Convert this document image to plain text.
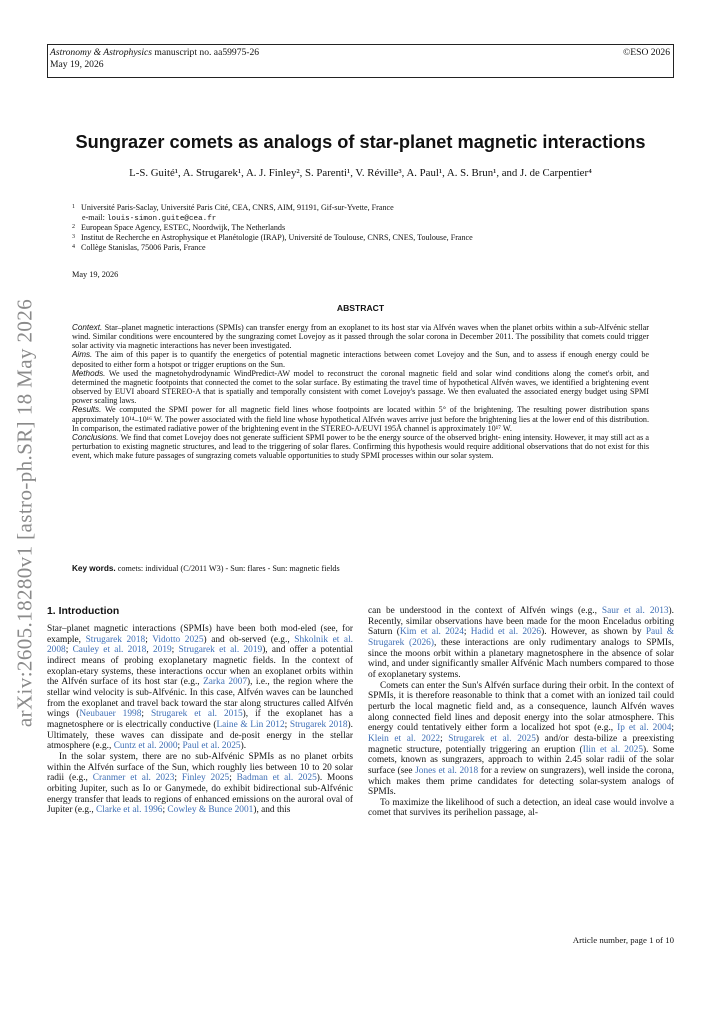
Astronomy & Astrophysics manuscript no. aa59975-26
May 19, 2026
©ESO 2026
arXiv:2605.18280v1 [astro-ph.SR] 18 May 2026
Sungrazer comets as analogs of star-planet magnetic interactions
L-S. Guité¹, A. Strugarek¹, A. J. Finley², S. Parenti¹, V. Réville³, A. Paul¹, A. S. Brun¹, and J. de Carpentier⁴
$^1$ Université Paris-Saclay, Université Paris Cité, CEA, CNRS, AIM, 91191, Gif-sur-Yvette, France
e-mail: louis-simon.guite@cea.fr
$^2$ European Space Agency, ESTEC, Noordwijk, The Netherlands
$^3$ Institut de Recherche en Astrophysique et Planétologie (IRAP), Université de Toulouse, CNRS, CNES, Toulouse, France
$^4$ Collège Stanislas, 75006 Paris, France
May 19, 2026
ABSTRACT
Context. Star–planet magnetic interactions (SPMIs) can transfer energy from an exoplanet to its host star via Alfvén waves when the planet orbits within a sub-Alfvénic stellar wind. Similar conditions were encountered by the sungrazing comet Lovejoy as it passed through the solar corona in December 2011. The possibility that comets could trigger solar activity via magnetic interactions has never been investigated.
Aims. The aim of this paper is to quantify the energetics of potential magnetic interactions between comet Lovejoy and the Sun, and to assess if enough energy could be deposited to either form a hotspot or trigger eruptions on the Sun.
Methods. We used the magnetohydrodynamic WindPredict-AW model to reconstruct the coronal magnetic field and solar wind conditions along the comet's orbit, and determined the magnetic footpoints that connected the comet to the solar surface. By estimating the travel time of hypothetical Alfvén waves, we identified a brightening event observed by EUVI aboard STEREO-A that is spatially and temporally consistent with comet Lovejoy's passage. We then evaluated the associated energy budget using SPMI power scaling laws.
Results. We computed the SPMI power for all magnetic field lines whose footpoints are located within 5° of the brightening. The resulting power distribution spans approximately 10¹⁴–10¹⁶ W. The power associated with the field line whose hypothetical Alfvén waves arrive just before the brightening lies at the lower end of this distribution. In comparison, the estimated radiative power of the brightening event in the STEREO-A/EUVI 195Å channel is approximately 10¹⁷ W.
Conclusions. We find that comet Lovejoy does not generate sufficient SPMI power to be the energy source of the observed bright- ening intensity. However, it may still act as a perturbation to existing magnetic structures, and lead to the triggering of solar flares. Confirming this hypothesis would require additional observations that do not exist for this event, which make future passages of sungrazing comets valuable opportunities to study SPMI processes within our solar system.
Key words. comets: individual (C/2011 W3) - Sun: flares - Sun: magnetic fields
1. Introduction

Star–planet magnetic interactions (SPMIs) have been both mod-eled (see, for example, Strugarek 2018; Vidotto 2025) and ob-served (e.g., Shkolnik et al. 2008; Cauley et al. 2018, 2019; Strugarek et al. 2019), and offer a potential indirect means of probing exoplanetary magnetic fields. In the context of exoplan-etary systems, these interactions occur when an exoplanet orbits within the Alfvén surface of its host star (e.g., Zarka 2007), i.e., the region where the stellar wind velocity is sub-Alfvénic. In this case, Alfvén waves can be launched from the exoplanet and travel back toward the star along structures called Alfvén wings (Neubauer 1998; Strugarek et al. 2015), if the exoplanet has a magnetosphere or is electrically conductive (Laine & Lin 2012; Strugarek 2018). Ultimately, these waves can dissipate and de-posit energy in the stellar atmosphere (e.g., Cuntz et al. 2000; Paul et al. 2025).

In the solar system, there are no sub-Alfvénic SPMIs as no planet orbits within the Alfvén surface of the Sun, which roughly lies between 10 to 20 solar radii (e.g., Cranmer et al. 2023; Finley 2025; Badman et al. 2025). Moons orbiting Jupiter, such as Io or Ganymede, do exhibit bidirectional sub-Alfvénic energy transfer that leads to regions of enhanced emissions on the auroral oval of Jupiter (e.g., Clarke et al. 1996; Cowley & Bunce 2001), and this

can be understood in the context of Alfvén wings (e.g., Saur et al. 2013). Recently, similar observations have been made for the moon Enceladus orbiting Saturn (Kim et al. 2024; Hadid et al. 2026). However, as shown by Paul & Strugarek (2026), these interactions are only rudimentary analogs to SPMIs, since the moons orbit within a planetary magnetosphere in the absence of solar wind, and under significantly smaller Alfvénic Mach numbers compared to those of exoplanetary systems.

Comets can enter the Sun's Alfvén surface during their orbit. In the context of SPMIs, it is therefore reasonable to think that a comet with an ionized tail could perturb the local magnetic field and, as a consequence, launch Alfvén waves along connected field lines and deposit energy into the solar atmosphere. This energy could tentatively either form a localized hot spot (e.g., Ip et al. 2004; Klein et al. 2022; Strugarek et al. 2025) and/or desta-bilize a preexisting magnetic structure, potentially triggering an eruption (Ilin et al. 2025). Some comets, known as sungrazers, approach to within 2.45 solar radii of the solar surface (see Jones et al. 2018 for a review on sungrazers), well inside the corona, which makes them prime candidates for detecting solar-system analogs of SPMIs.

To maximize the likelihood of such a detection, an ideal case would involve a comet that survives its perihelion passage, al-

Article number, page 1 of 10
